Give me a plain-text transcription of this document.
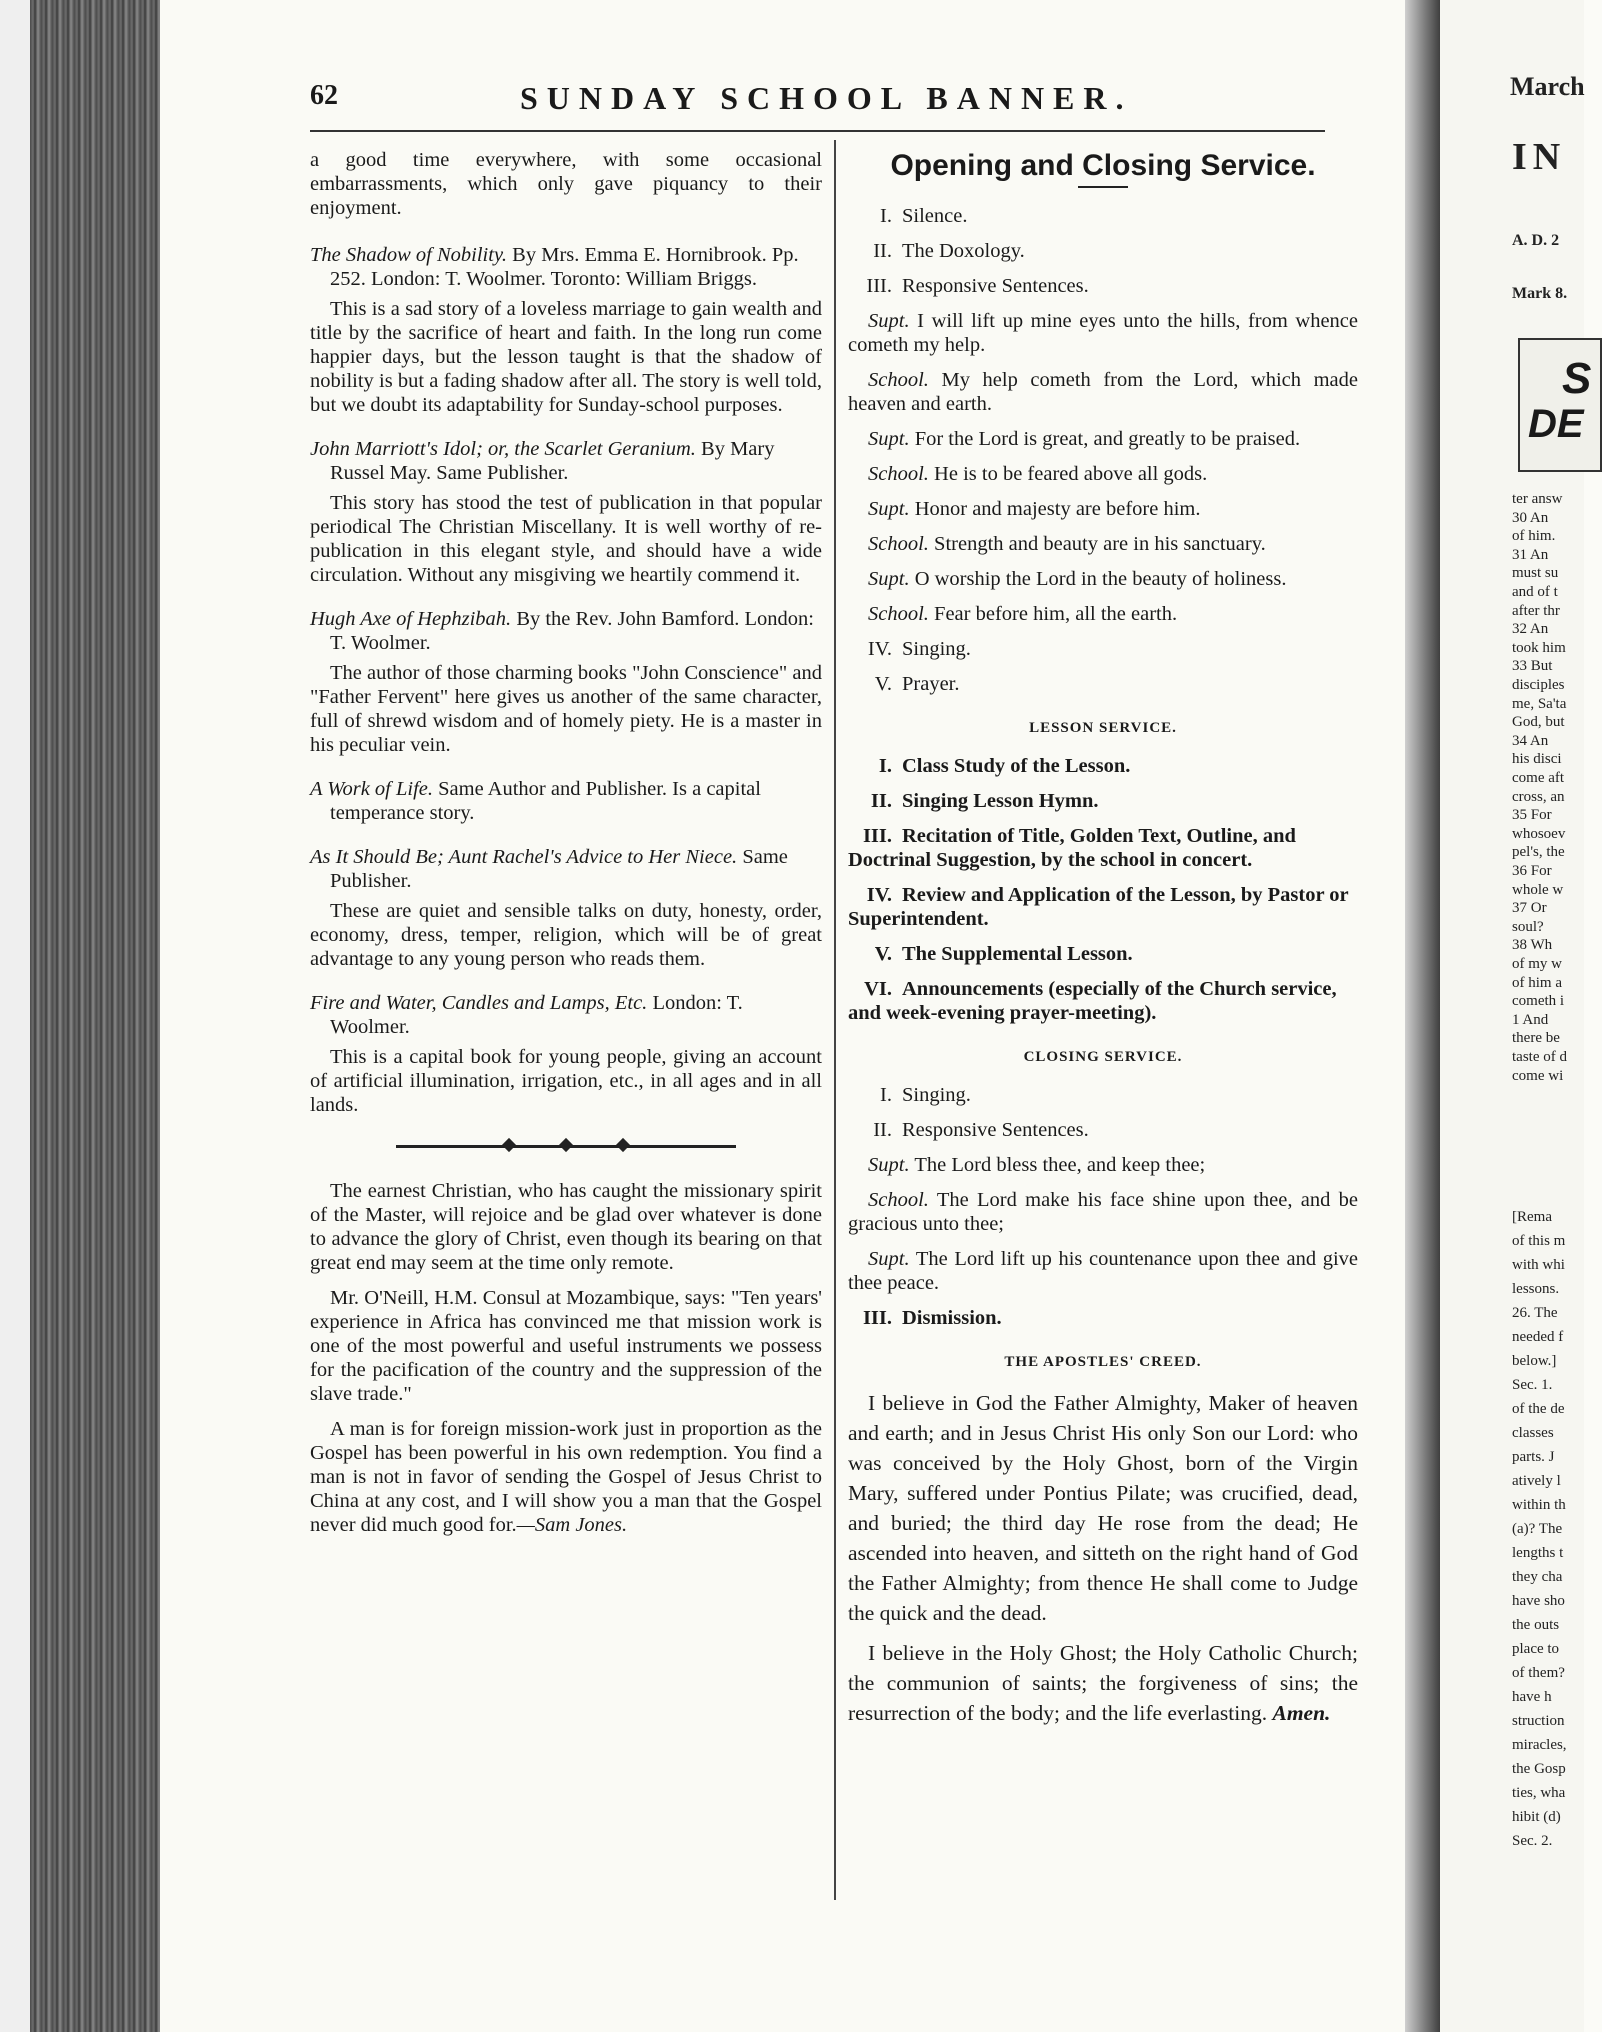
62	SUNDAY SCHOOL BANNER.

a good time everywhere, with some occasional embarrassments, which only gave piquancy to their enjoyment.

The Shadow of Nobility. By Mrs. Emma E. Hornibrook. Pp. 252. London: T. Woolmer. Toronto: William Briggs.

This is a sad story of a loveless marriage to gain wealth and title by the sacrifice of heart and faith. In the long run come happier days, but the lesson taught is that the shadow of nobility is but a fading shadow after all. The story is well told, but we doubt its adaptability for Sunday-school purposes.

John Marriott's Idol; or, the Scarlet Geranium. By Mary Russel May. Same Publisher.

This story has stood the test of publication in that popular periodical The Christian Miscellany. It is well worthy of re-publication in this elegant style, and should have a wide circulation. Without any misgiving we heartily commend it.

Hugh Axe of Hephzibah. By the Rev. John Bamford. London: T. Woolmer.

The author of those charming books "John Conscience" and "Father Fervent" here gives us another of the same character, full of shrewd wisdom and of homely piety. He is a master in his peculiar vein.

A Work of Life. Same Author and Publisher. Is a capital temperance story.

As It Should Be; Aunt Rachel's Advice to Her Niece. Same Publisher.

These are quiet and sensible talks on duty, honesty, order, economy, dress, temper, religion, which will be of great advantage to any young person who reads them.

Fire and Water, Candles and Lamps, Etc. London: T. Woolmer.

This is a capital book for young people, giving an account of artificial illumination, irrigation, etc., in all ages and in all lands.

The earnest Christian, who has caught the missionary spirit of the Master, will rejoice and be glad over whatever is done to advance the glory of Christ, even though its bearing on that great end may seem at the time only remote.

Mr. O'Neill, H.M. Consul at Mozambique, says: "Ten years' experience in Africa has convinced me that mission work is one of the most powerful and useful instruments we possess for the pacification of the country and the suppression of the slave trade."

A man is for foreign mission-work just in proportion as the Gospel has been powerful in his own redemption. You find a man is not in favor of sending the Gospel of Jesus Christ to China at any cost, and I will show you a man that the Gospel never did much good for.—Sam Jones.

Opening and Closing Service.

I. Silence.

II. The Doxology.

III. Responsive Sentences.

Supt. I will lift up mine eyes unto the hills, from whence cometh my help.

School. My help cometh from the Lord, which made heaven and earth.

Supt. For the Lord is great, and greatly to be praised.

School. He is to be feared above all gods.

Supt. Honor and majesty are before him.

School. Strength and beauty are in his sanctuary.

Supt. O worship the Lord in the beauty of holiness.

School. Fear before him, all the earth.

IV. Singing.

V. Prayer.

LESSON SERVICE.

I. Class Study of the Lesson.

II. Singing Lesson Hymn.

III. Recitation of Title, Golden Text, Outline, and Doctrinal Suggestion, by the school in concert.

IV. Review and Application of the Lesson, by Pastor or Superintendent.

V. The Supplemental Lesson.

VI. Announcements (especially of the Church service, and week-evening prayer-meeting).

CLOSING SERVICE.

I. Singing.

II. Responsive Sentences.

Supt. The Lord bless thee, and keep thee;

School. The Lord make his face shine upon thee, and be gracious unto thee;

Supt. The Lord lift up his countenance upon thee and give thee peace.

III. Dismission.

THE APOSTLES' CREED.

I believe in God the Father Almighty, Maker of heaven and earth; and in Jesus Christ His only Son our Lord: who was conceived by the Holy Ghost, born of the Virgin Mary, suffered under Pontius Pilate; was crucified, dead, and buried; the third day He rose from the dead; He ascended into heaven, and sitteth on the right hand of God the Father Almighty; from thence He shall come to Judge the quick and the dead.

I believe in the Holy Ghost; the Holy Catholic Church; the communion of saints; the forgiveness of sins; the resurrection of the body; and the life everlasting. Amen.

March
IN
A. D. 2
Mark 8.
S
DE
ter answ
30 An
of him.
31 An
must su
and of t
after thr
32 An
took him
33 But
disciples
me, Sa'ta
God, but
34 An
his disci
come aft
cross, an
35 For
whosoev
pel's, the
36 For
whole w
37 Or
soul?
38 Wh
of my w
of him a
cometh i
1 And
there be
taste of d
come wi
[Rema
of this m
with whi
lessons.
26. The
needed f
below.]
Sec. 1.
of the de
classes
parts. J
atively l
within th
(a)? The
lengths t
they cha
have sho
the outs
place to
of them?
have h
struction
miracles,
the Gosp
ties, wha
hibit (d)
Sec. 2.
